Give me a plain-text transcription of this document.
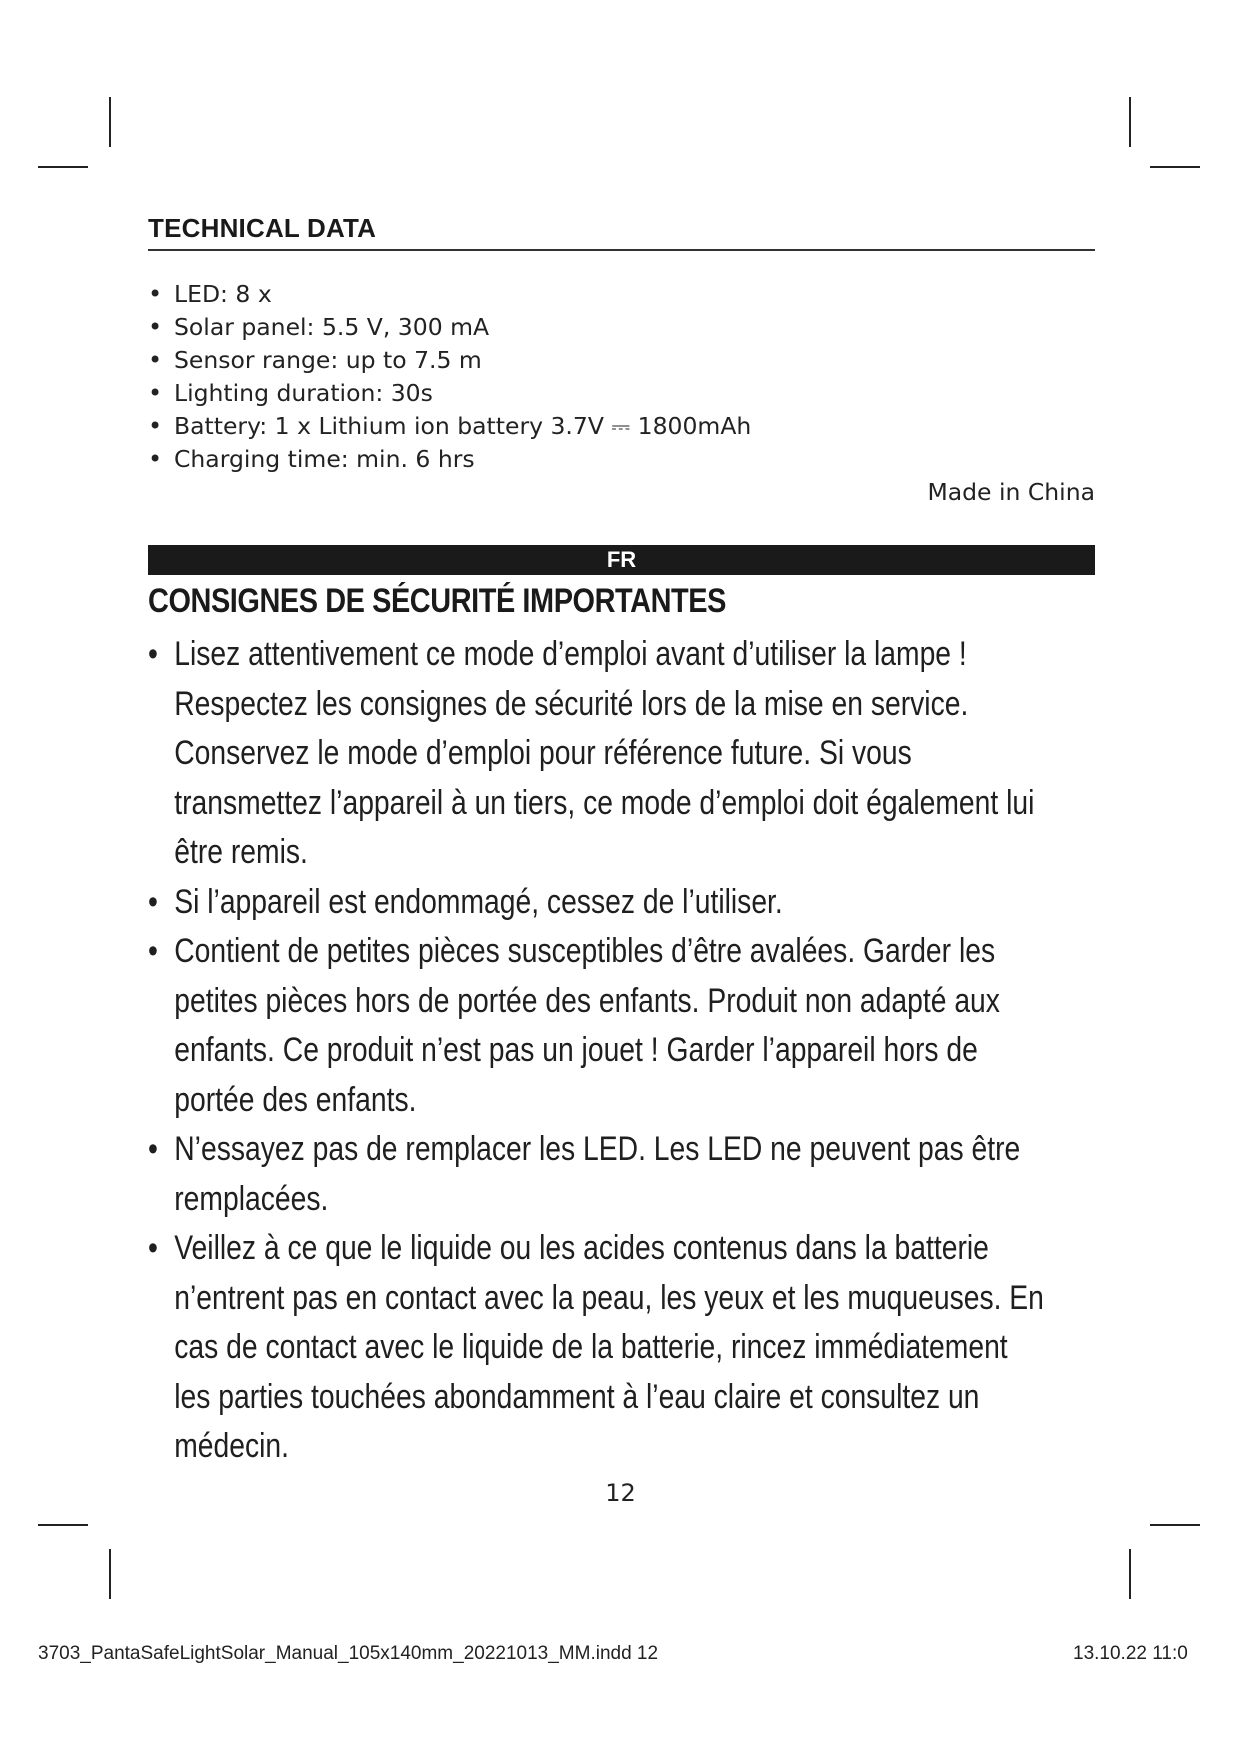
TECHNICAL DATA
• LED: 8 x
• Solar panel: 5.5 V, 300 mA
• Sensor range: up to 7.5 m
• Lighting duration: 30s
• Battery: 1 x Lithium ion battery 3.7V ⎓ 1800mAh
• Charging time: min. 6 hrs
Made in China
FR
CONSIGNES DE SÉCURITÉ IMPORTANTES
• Lisez attentivement ce mode d’emploi avant d’utiliser la lampe ! Respectez les consignes de sécurité lors de la mise en service. Conservez le mode d’emploi pour référence future. Si vous transmettez l’appareil à un tiers, ce mode d’emploi doit également lui être remis.
• Si l’appareil est endommagé, cessez de l’utiliser.
• Contient de petites pièces susceptibles d’être avalées. Garder les petites pièces hors de portée des enfants. Produit non adapté aux enfants. Ce produit n’est pas un jouet ! Garder l’appareil hors de portée des enfants.
• N’essayez pas de remplacer les LED. Les LED ne peuvent pas être remplacées.
• Veillez à ce que le liquide ou les acides contenus dans la batterie n’entrent pas en contact avec la peau, les yeux et les muqueuses. En cas de contact avec le liquide de la batterie, rincez immédiatement les parties touchées abondamment à l’eau claire et consultez un médecin.
12
3703_PantaSafeLightSolar_Manual_105x140mm_20221013_MM.indd 12	13.10.22 11:0
